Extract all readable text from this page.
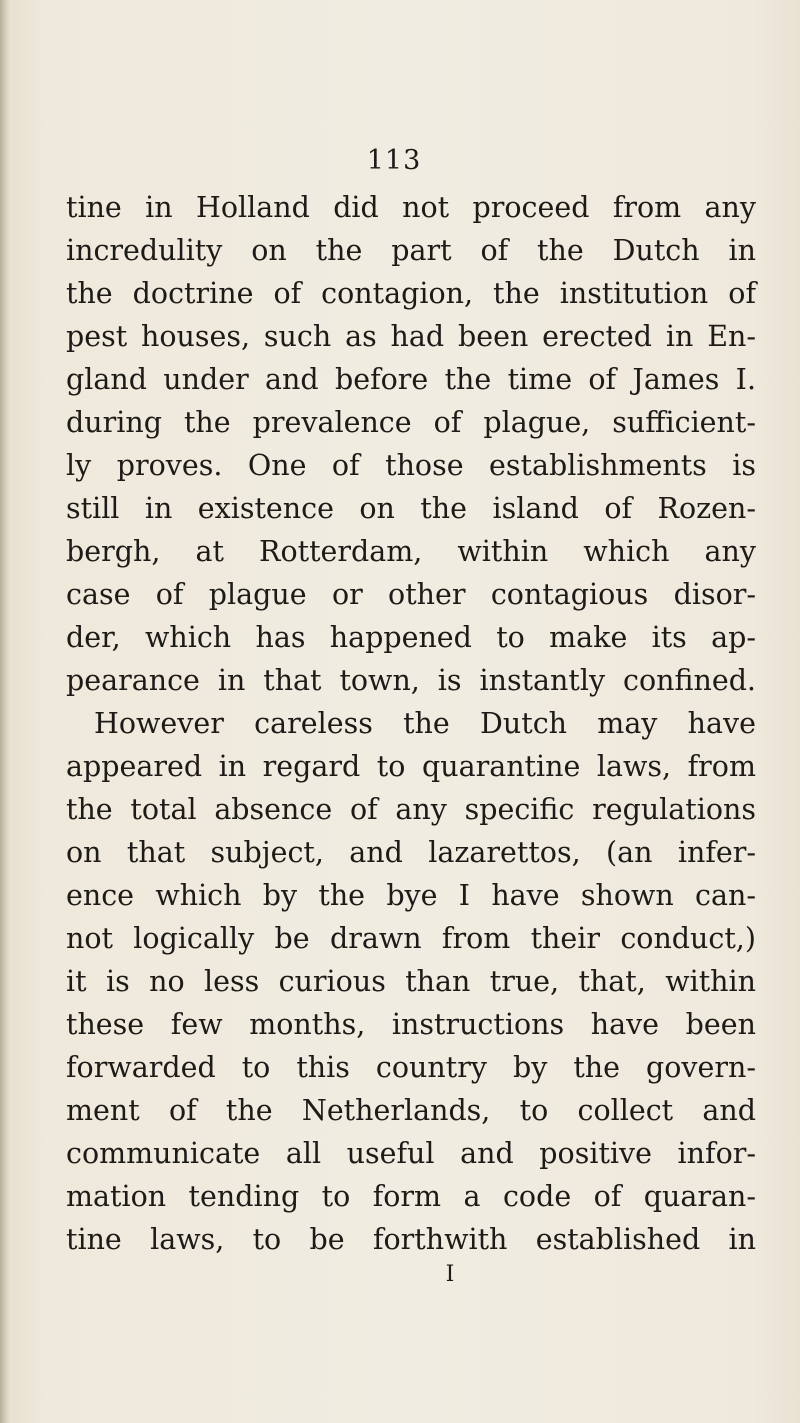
113
tine in Holland did not proceed from any
incredulity on the part of the Dutch in
the doctrine of contagion, the institution of
pest houses, such as had been erected in En-
gland under and before the time of James I.
during the prevalence of plague, sufficient-
ly proves. One of those establishments is
still in existence on the island of Rozen-
bergh, at Rotterdam, within which any
case of plague or other contagious disor-
der, which has happened to make its ap-
pearance in that town, is instantly confined.
However careless the Dutch may have
appeared in regard to quarantine laws, from
the total absence of any specific regulations
on that subject, and lazarettos, (an infer-
ence which by the bye I have shown can-
not logically be drawn from their conduct,)
it is no less curious than true, that, within
these few months, instructions have been
forwarded to this country by the govern-
ment of the Netherlands, to collect and
communicate all useful and positive infor-
mation tending to form a code of quaran-
tine laws, to be forthwith established in
I
